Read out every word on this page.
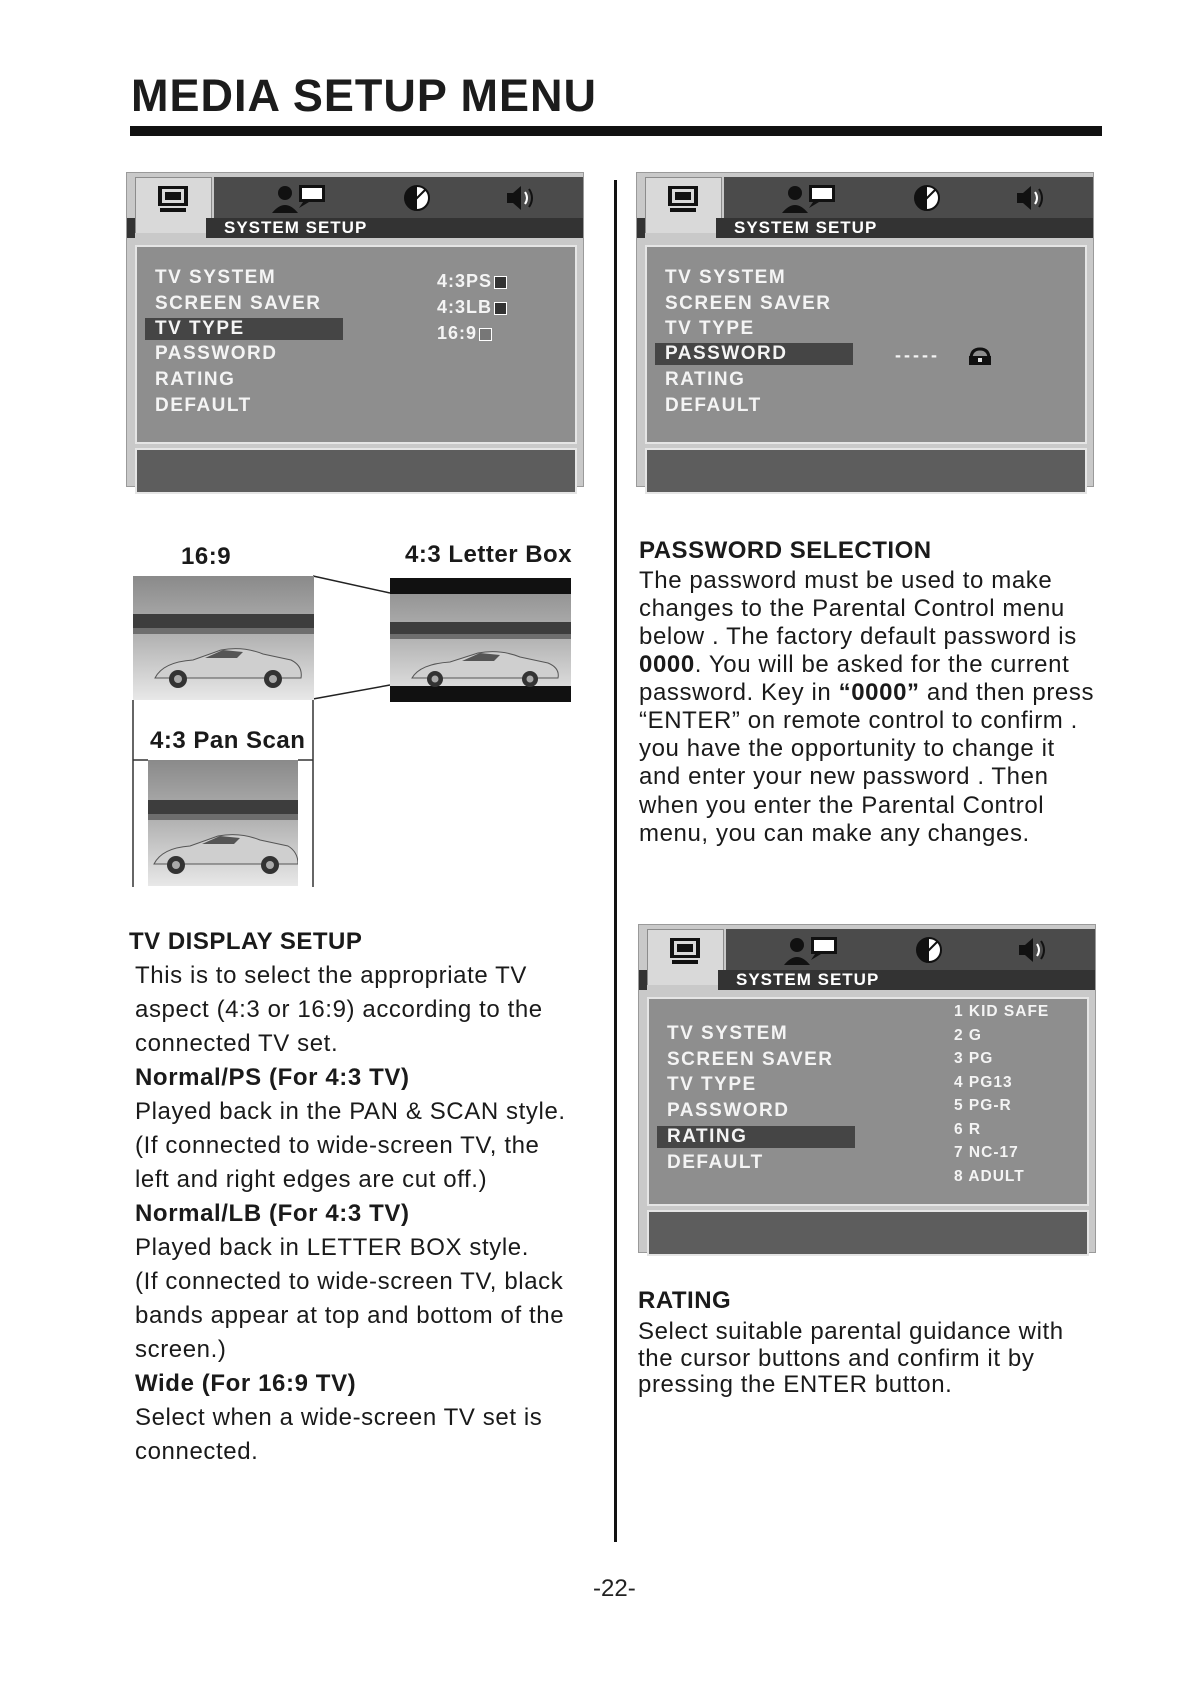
MEDIA SETUP MENU
SYSTEM SETUP
TV SYSTEM
SCREEN SAVER
TV TYPE
PASSWORD
RATING
DEFAULT
4:3PS
4:3LB
16:9
SYSTEM SETUP
TV SYSTEM
SCREEN SAVER
TV TYPE
PASSWORD
RATING
DEFAULT
-----
16:9	4:3 Letter Box
4:3 Pan Scan
TV DISPLAY SETUP
This is to select the appropriate TV
aspect (4:3 or 16:9) according to the
connected TV set.
Normal/PS (For 4:3 TV)
Played back in the PAN & SCAN style.
(If connected to wide-screen TV, the
left and right edges are cut off.)
Normal/LB (For 4:3 TV)
Played back in LETTER BOX style.
(If connected to wide-screen TV, black
bands appear at top and bottom of the
screen.)
Wide (For 16:9 TV)
Select when a wide-screen TV set is
connected.
PASSWORD SELECTION
The password must be used to make
changes to the Parental Control menu
below . The factory default password is
0000. You will be asked for the current
password. Key in “0000” and then press
“ENTER” on remote control to confirm .
you have the opportunity to change it
and enter your new password . Then
when you enter the Parental Control
menu, you can make any changes.
SYSTEM SETUP
TV SYSTEM
SCREEN SAVER
TV TYPE
PASSWORD
RATING
DEFAULT
1 KID SAFE
2 G
3 PG
4 PG13
5 PG-R
6 R
7 NC-17
8 ADULT
RATING
Select suitable parental guidance with
the cursor buttons and confirm it by
pressing the ENTER button.
-22-
